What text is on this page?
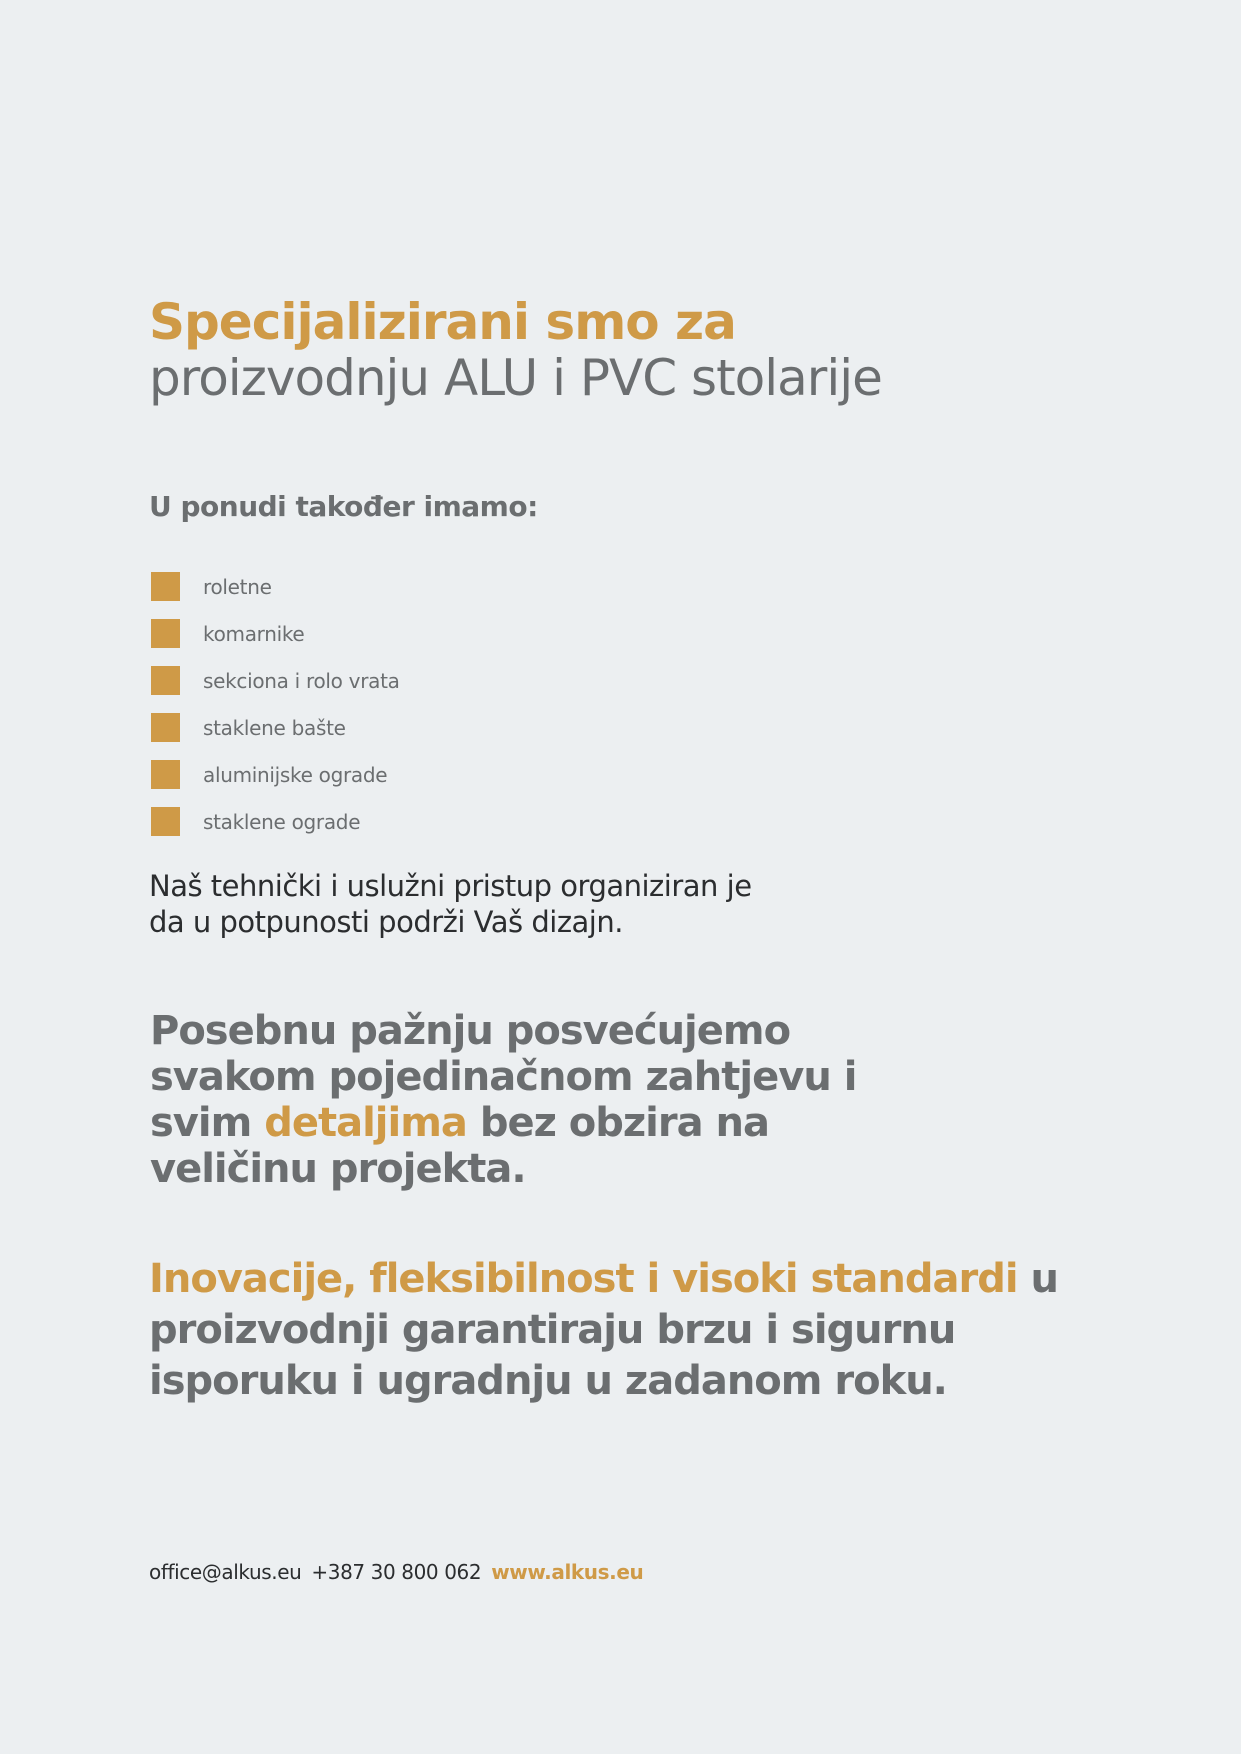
Specijalizirani smo za
proizvodnju ALU i PVC stolarije
U ponudi također imamo:
roletne
komarnike
sekciona i rolo vrata
staklene bašte
aluminijske ograde
staklene ograde
Naš tehnički i uslužni pristup organiziran je
da u potpunosti podrži Vaš dizajn.
Posebnu pažnju posvećujemo
svakom pojedinačnom zahtjevu i
svim detaljima bez obzira na
veličinu projekta.
Inovacije, fleksibilnost i visoki standardi u
proizvodnji garantiraju brzu i sigurnu
isporuku i ugradnju u zadanom roku.
office@alkus.eu +387 30 800 062 www.alkus.eu
